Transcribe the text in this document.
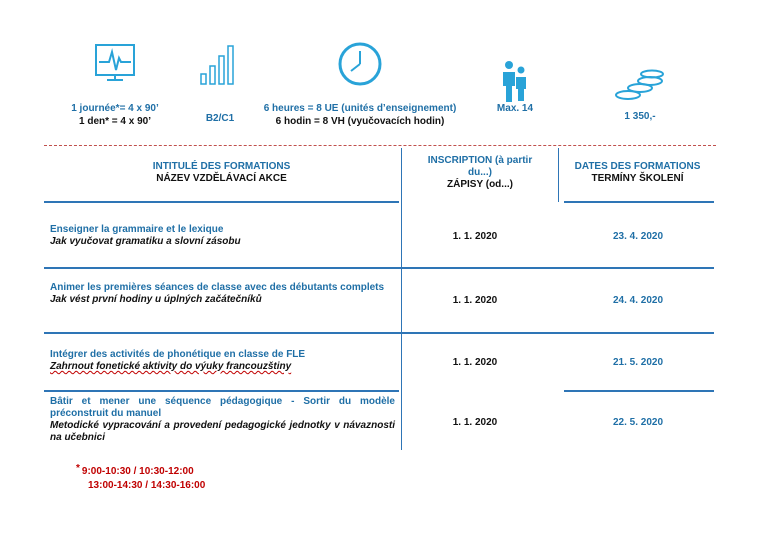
1 journée*= 4 x 90’
1 den* = 4 x 90’	B2/C1
6 heures = 8 UE (unités d’enseignement)
6 hodin = 8 VH (vyučovacích hodin)
Max. 14
1 350,-
INTITULÉ DES FORMATIONS
NÁZEV VZDĚLÁVACÍ AKCE
INSCRIPTION (à partir
du...)
ZÁPISY (od...)
DATES DES FORMATIONS
TERMÍNY ŠKOLENÍ
Enseigner la grammaire et le lexique
Jak vyučovat gramatiku a slovní zásobu	1. 1. 2020	23. 4. 2020
Animer les premières séances de classe avec des débutants complets
Jak vést první hodiny u úplných začátečníků	1. 1. 2020	24. 4. 2020
Intégrer des activités de phonétique en classe de FLE
Zahrnout fonetické aktivity do výuky francouzštiny	1. 1. 2020	21. 5. 2020
Bâtir et mener une séquence pédagogique - Sortir du modèle préconstruit du manuel
Metodické vypracování a provedení pedagogické jednotky v návaznosti na učebnici
1. 1. 2020	22. 5. 2020
* 9:00-10:30 / 10:30-12:00
13:00-14:30 / 14:30-16:00
